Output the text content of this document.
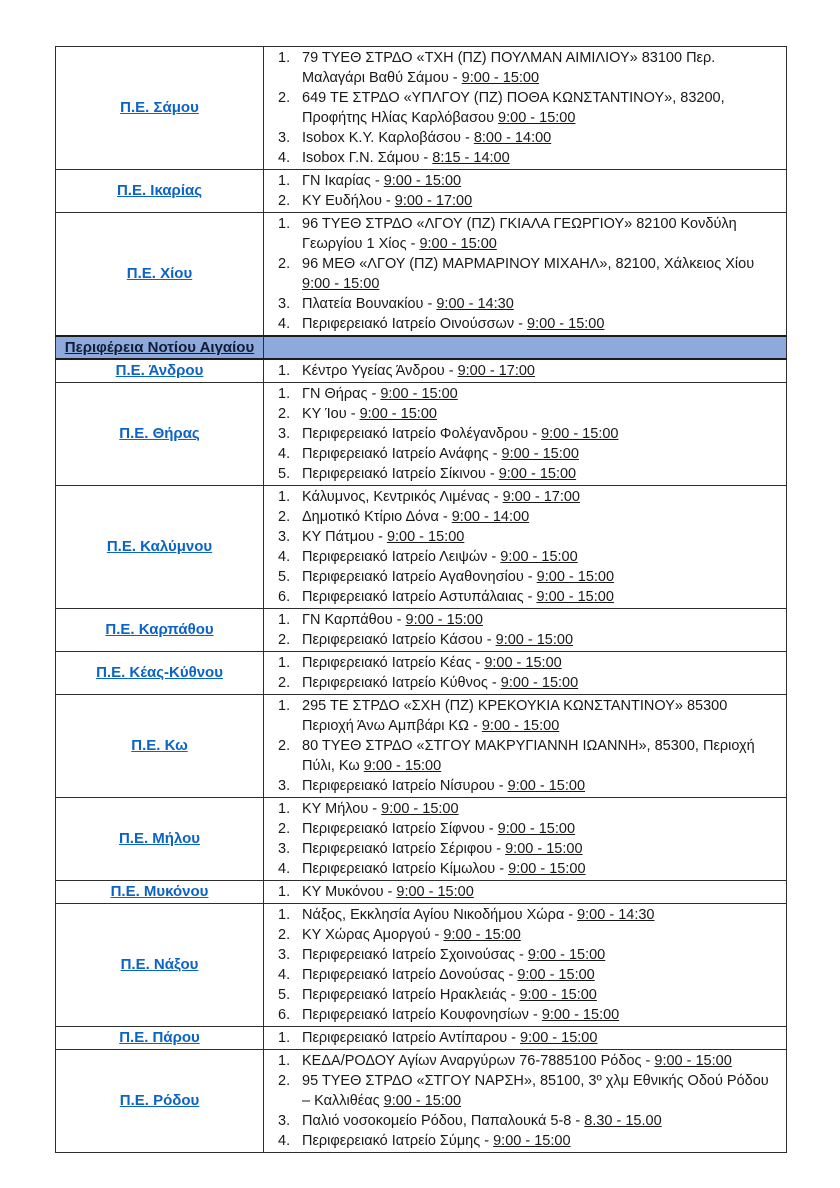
Π.Ε. Σάμου	
79 ΤΥΕΘ ΣΤΡΔΟ «ΤΧΗ (ΠΖ) ΠΟΥΛΜΑΝ ΑΙΜΙΛΙΟΥ» 83100 Περ. Μαλαγάρι Βαθύ Σάμου - 9:00 - 15:00
649 ΤΕ ΣΤΡΔΟ «ΥΠΛΓΟΥ (ΠΖ) ΠΟΘΑ ΚΩΝΣΤΑΝΤΙΝΟΥ», 83200, Προφήτης Ηλίας Καρλόβασου 9:00 - 15:00
Isobox Κ.Υ. Καρλοβάσου - 8:00 - 14:00
Isobox Γ.Ν. Σάμου - 8:15 - 14:00

Π.Ε. Ικαρίας	
ΓΝ Ικαρίας - 9:00 - 15:00
ΚΥ Ευδήλου - 9:00 - 17:00

Π.Ε. Χίου	
96 ΤΥΕΘ ΣΤΡΔΟ «ΛΓΟΥ (ΠΖ) ΓΚΙΑΛΑ ΓΕΩΡΓΙΟΥ» 82100 Κονδύλη Γεωργίου 1 Χίος - 9:00 - 15:00
96 ΜΕΘ «ΛΓΟΥ (ΠΖ) ΜΑΡΜΑΡΙΝΟΥ ΜΙΧΑΗΛ», 82100, Χάλκειος Χίου 9:00 - 15:00
Πλατεία Βουνακίου - 9:00 - 14:30
Περιφερειακό Ιατρείο Οινούσσων - 9:00 - 15:00

Περιφέρεια Νοτίου Αιγαίου	
Π.Ε. Άνδρου	Κέντρο Υγείας Άνδρου - 9:00 - 17:00

Π.Ε. Θήρας	
ΓΝ Θήρας - 9:00 - 15:00
ΚΥ Ίου - 9:00 - 15:00
Περιφερειακό Ιατρείο Φολέγανδρου - 9:00 - 15:00
Περιφερειακό Ιατρείο Ανάφης - 9:00 - 15:00
Περιφερειακό Ιατρείο Σίκινου - 9:00 - 15:00

Π.Ε. Καλύμνου	
Κάλυμνος, Κεντρικός Λιμένας - 9:00 - 17:00
Δημοτικό Κτίριο Δόνα - 9:00 - 14:00
ΚΥ Πάτμου - 9:00 - 15:00
Περιφερειακό Ιατρείο Λειψών - 9:00 - 15:00
Περιφερειακό Ιατρείο Αγαθονησίου - 9:00 - 15:00
Περιφερειακό Ιατρείο Αστυπάλαιας - 9:00 - 15:00

Π.Ε. Καρπάθου	
ΓΝ Καρπάθου - 9:00 - 15:00
Περιφερειακό Ιατρείο Κάσου - 9:00 - 15:00

Π.Ε. Κέας-Κύθνου	
Περιφερειακό Ιατρείο Κέας - 9:00 - 15:00
Περιφερειακό Ιατρείο Κύθνος - 9:00 - 15:00

Π.Ε. Κω	
295 ΤΕ ΣΤΡΔΟ «ΣΧΗ (ΠΖ) ΚΡΕΚΟΥΚΙΑ ΚΩΝΣΤΑΝΤΙΝΟΥ» 85300 Περιοχή Άνω Αμπβάρι ΚΩ - 9:00 - 15:00
80 ΤΥΕΘ ΣΤΡΔΟ «ΣΤΓΟΥ ΜΑΚΡΥΓΙΑΝΝΗ ΙΩΑΝΝΗ», 85300, Περιοχή Πύλι, Κω 9:00 - 15:00
Περιφερειακό Ιατρείο Νίσυρου - 9:00 - 15:00

Π.Ε. Μήλου	
ΚΥ Μήλου - 9:00 - 15:00
Περιφερειακό Ιατρείο Σίφνου - 9:00 - 15:00
Περιφερειακό Ιατρείο Σέριφου - 9:00 - 15:00
Περιφερειακό Ιατρείο Κίμωλου - 9:00 - 15:00

Π.Ε. Μυκόνου	ΚΥ Μυκόνου - 9:00 - 15:00

Π.Ε. Νάξου	
Νάξος, Εκκλησία Αγίου Νικοδήμου Χώρα - 9:00 - 14:30
ΚΥ Χώρας Αμοργού - 9:00 - 15:00
Περιφερειακό Ιατρείο Σχοινούσας - 9:00 - 15:00
Περιφερειακό Ιατρείο Δονούσας - 9:00 - 15:00
Περιφερειακό Ιατρείο Ηρακλειάς - 9:00 - 15:00
Περιφερειακό Ιατρείο Κουφονησίων - 9:00 - 15:00

Π.Ε. Πάρου	Περιφερειακό Ιατρείο Αντίπαρου - 9:00 - 15:00

Π.Ε. Ρόδου	
ΚΕΔΑ/ΡΟΔΟΥ Αγίων Αναργύρων 76-7885100 Ρόδος - 9:00 - 15:00
95 ΤΥΕΘ ΣΤΡΔΟ «ΣΤΓΟΥ ΝΑΡΣΗ», 85100, 3º χλμ Εθνικής Οδού Ρόδου – Καλλιθέας 9:00 - 15:00
Παλιό νοσοκομείο Ρόδου, Παπαλουκά 5-8 - 8.30 - 15.00
Περιφερειακό Ιατρείο Σύμης - 9:00 - 15:00
